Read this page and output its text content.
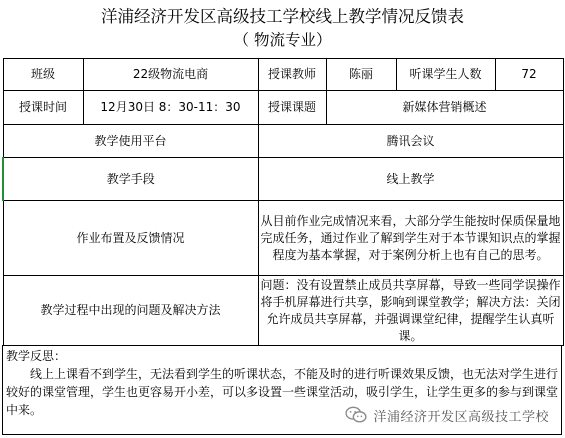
洋浦经济开发区高级技工学校线上教学情况反馈表
（ 物流专业）
班级	22级物流电商	授课教师	陈丽	听课学生人数	72
授课时间	12月30日 8：30-11：30	授课课题	新媒体营销概述		
教学使用平台		腾讯会议			
教学手段		线上教学			
作业布置及反馈情况		从目前作业完成情况来看，大部分学生能按时保质保量地完成任务，通过作业了解到学生对于本节课知识点的掌握程度为基本掌握，对于案例分析上也有自己的思考。			
教学过程中出现的问题及解决方法		问题：没有设置禁止成员共享屏幕，导致一些同学误操作将手机屏幕进行共享，影响到课堂教学；解决方法：关闭允许成员共享屏幕，并强调课堂纪律，提醒学生认真听课。			
教学反思：
线上上课看不到学生，无法看到学生的听课状态，不能及时的进行听课效果反馈，也无法对学生进行较好的课堂管理，学生也更容易开小差，可以多设置一些课堂活动，吸引学生，让学生更多的参与到课堂中来。	洋浦经济开发区高级技工学校
